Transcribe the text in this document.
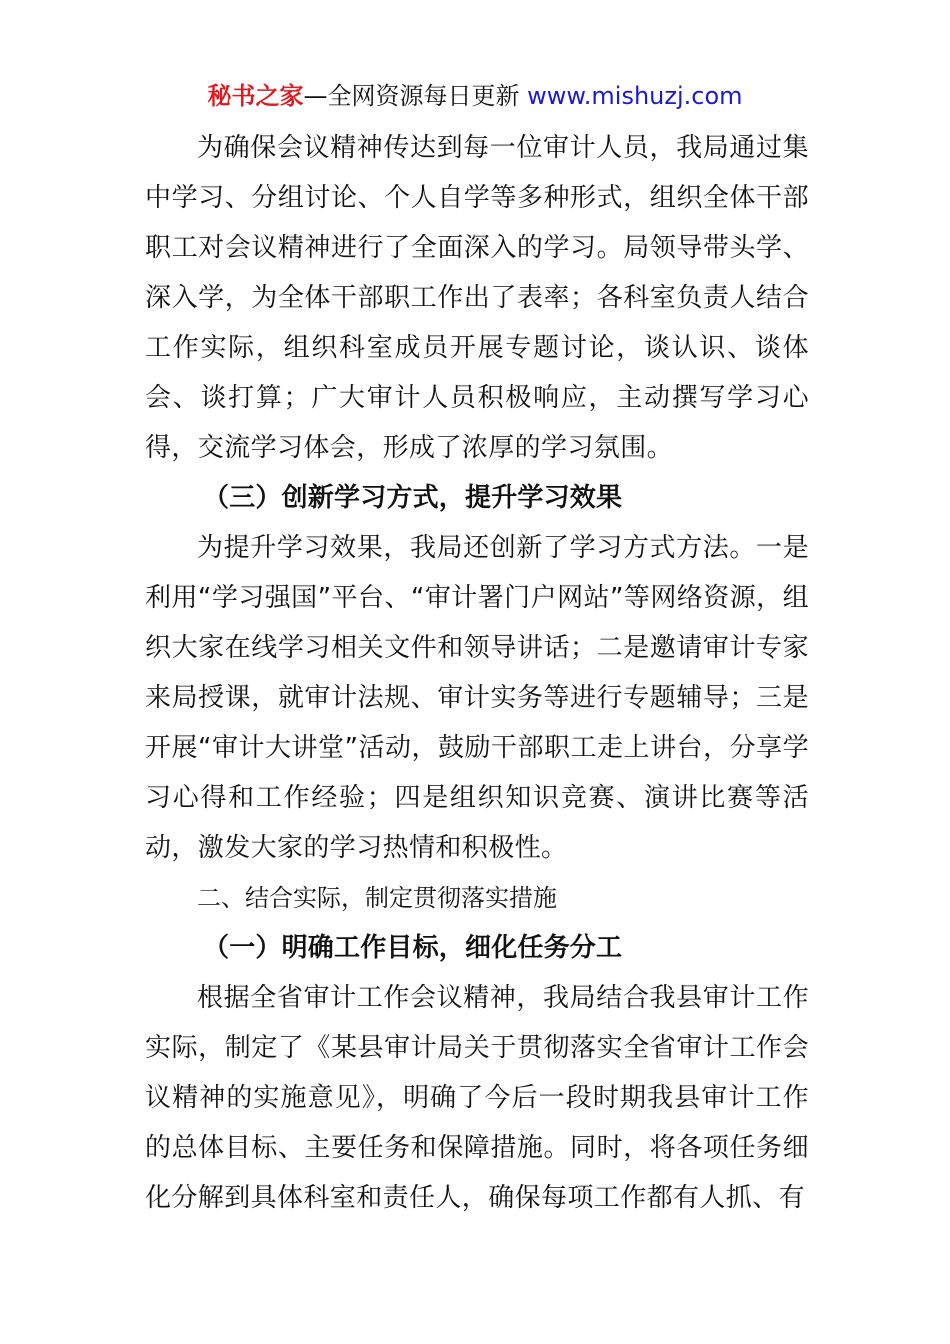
秘书之家—全网资源每日更新 www.mishuzj.com

为确保会议精神传达到每一位审计人员，我局通过集中学习、分组讨论、个人自学等多种形式，组织全体干部职工对会议精神进行了全面深入的学习。局领导带头学、深入学，为全体干部职工作出了表率；各科室负责人结合工作实际，组织科室成员开展专题讨论，谈认识、谈体会、谈打算；广大审计人员积极响应，主动撰写学习心得，交流学习体会，形成了浓厚的学习氛围。

（三）创新学习方式，提升学习效果

为提升学习效果，我局还创新了学习方式方法。一是利用“学习强国”平台、“审计署门户网站”等网络资源，组织大家在线学习相关文件和领导讲话；二是邀请审计专家来局授课，就审计法规、审计实务等进行专题辅导；三是开展“审计大讲堂”活动，鼓励干部职工走上讲台，分享学习心得和工作经验；四是组织知识竞赛、演讲比赛等活动，激发大家的学习热情和积极性。

二、结合实际，制定贯彻落实措施

（一）明确工作目标，细化任务分工

根据全省审计工作会议精神，我局结合我县审计工作实际，制定了《某县审计局关于贯彻落实全省审计工作会议精神的实施意见》，明确了今后一段时期我县审计工作的总体目标、主要任务和保障措施。同时，将各项任务细化分解到具体科室和责任人，确保每项工作都有人抓、有
